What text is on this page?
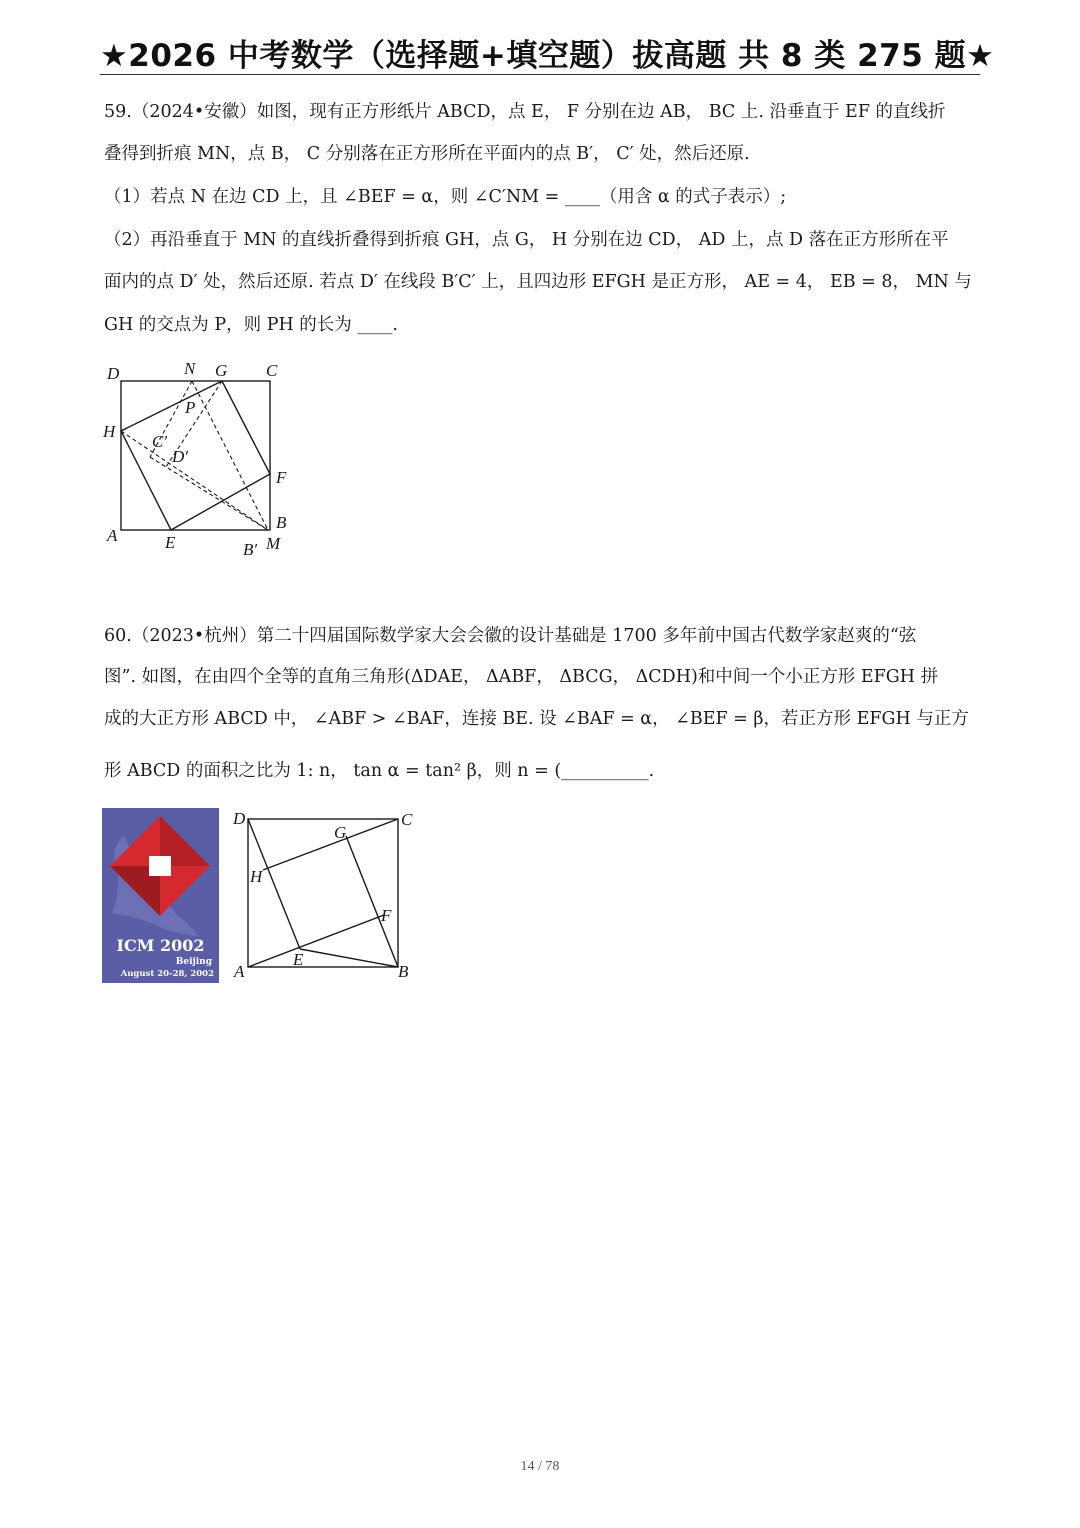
★2026 中考数学（选择题+填空题）拔高题 共 8 类 275 题★
59.（2024•安徽）如图，现有正方形纸片 ABCD，点 E， F 分别在边 AB， BC 上. 沿垂直于 EF 的直线折
叠得到折痕 MN，点 B， C 分别落在正方形所在平面内的点 B′， C′ 处，然后还原.
（1）若点 N 在边 CD 上，且 ∠BEF = α，则 ∠C′NM = ____（用含 α 的式子表示）;
（2）再沿垂直于 MN 的直线折叠得到折痕 GH，点 G， H 分别在边 CD， AD 上，点 D 落在正方形所在平
面内的点 D′ 处，然后还原. 若点 D′ 在线段 B′C′ 上，且四边形 EFGH 是正方形， AE = 4， EB = 8， MN 与
GH 的交点为 P，则 PH 的长为 ____.
D	N G C
H
P
C′
D′
F
A	E
B
B′ M
60.（2023•杭州）第二十四届国际数学家大会会徽的设计基础是 1700 多年前中国古代数学家赵爽的“弦
图”. 如图，在由四个全等的直角三角形(ΔDAE， ΔABF， ΔBCG， ΔCDH)和中间一个小正方形 EFGH 拼
成的大正方形 ABCD 中， ∠ABF > ∠BAF，连接 BE. 设 ∠BAF = α， ∠BEF = β，若正方形 EFGH 与正方
形 ABCD 的面积之比为 1: n， tan α = tan² β，则 n = (__________.
ICM 2002
Beijing
August 20-28, 2002
D
G
C
H
F
A
E
B
14 / 78
